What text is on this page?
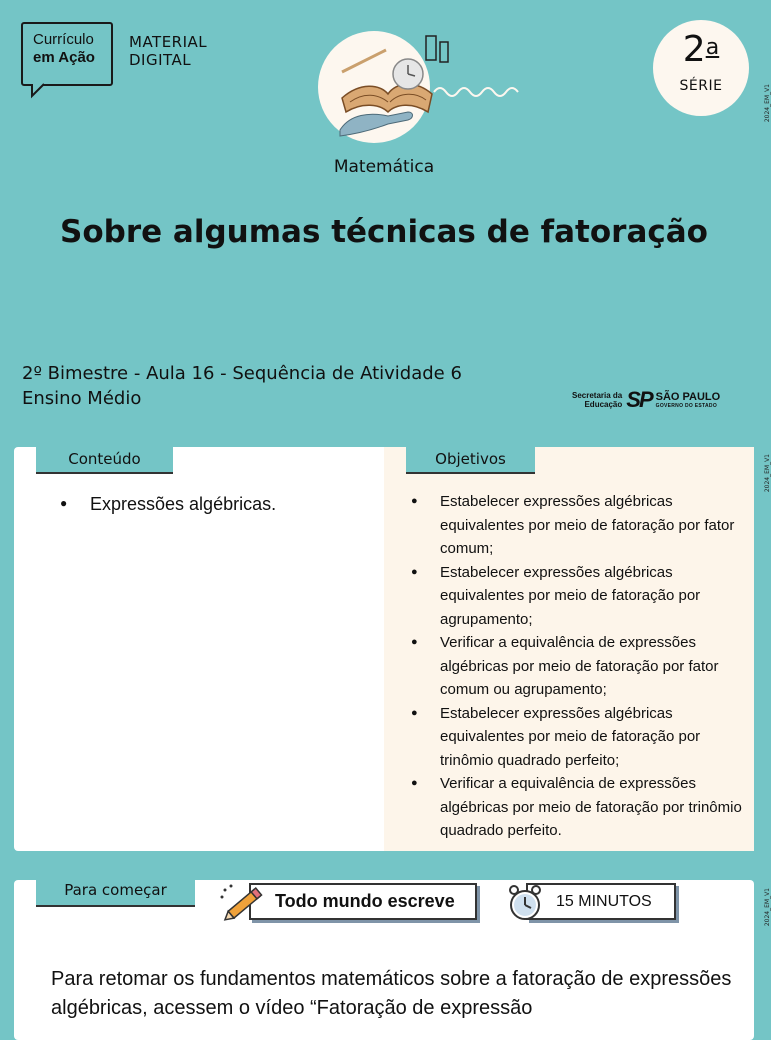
Currículo
em Ação
MATERIAL
DIGITAL	2$^a$
SÉRIE	2024_EM_V1
2024_EM_V1
2024_EM_V1
Matemática
Sobre algumas técnicas de fatoração
2º Bimestre - Aula 16 - Sequência de Atividade 6
Ensino Médio	Secretaria da
Educação SP SÃO PAULO
GOVERNO DO ESTADO
Conteúdo	Objetivos
● Expressões algébricas.
●	Estabelecer expressões algébricas equivalentes por meio de fatoração por fator comum;
● Estabelecer expressões algébricas equivalentes por meio de fatoração por agrupamento;
● Verificar a equivalência de expressões algébricas por meio de fatoração por fator comum ou agrupamento;
● Estabelecer expressões algébricas equivalentes por meio de fatoração por trinômio quadrado perfeito;
● Verificar a equivalência de expressões algébricas por meio de fatoração por trinômio quadrado perfeito.
Para começar
Todo mundo escreve	15 MINUTOS
Para retomar os fundamentos matemáticos sobre a fatoração de expressões algébricas, acessem o vídeo “Fatoração de expressão
